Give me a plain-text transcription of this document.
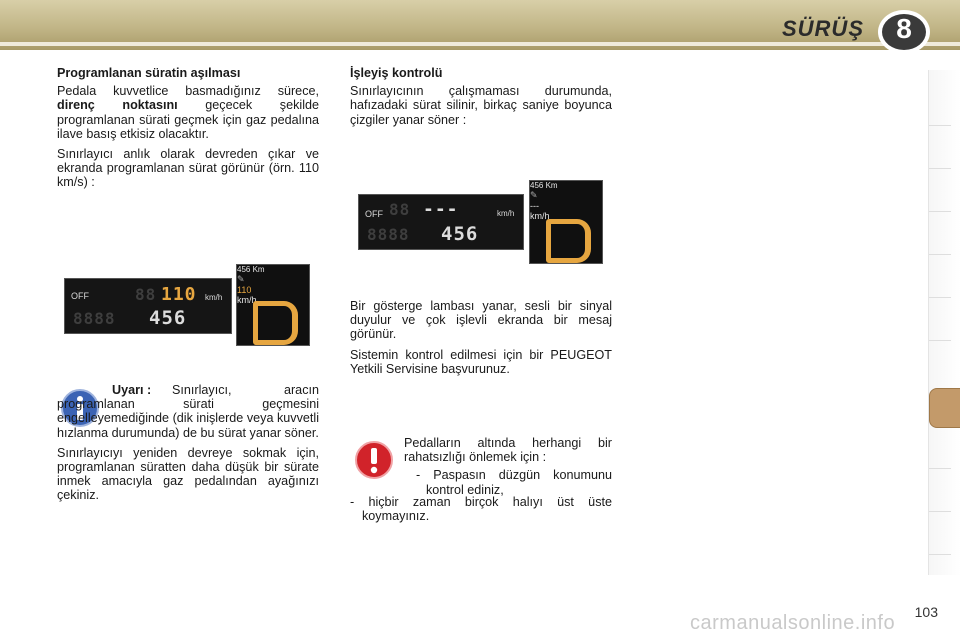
SÜRÜŞ	8
Programlanan süratin aşılması

Pedala kuvvetlice basmadığınız sürece, direnç noktasını geçecek şekilde programlanan sürati geçmek için gaz pedalına ilave basış etkisiz olacaktır.

Sınırlayıcı anlık olarak devreden çıkar ve ekranda programlanan sürat görünür (örn. 110 km/s) :

OFF	88 110 km/h
8888 456
456 Km
✎
110
km/h

Uyarı :	Sınırlayıcı, aracın programlanan sürati geçmesini engelleyemediğinde (dik inişlerde veya kuvvetli hızlanma durumunda) de bu sürat yanar söner.

Sınırlayıcıyı yeniden devreye sokmak için, programlanan süratten daha düşük bir sürate inmek amacıyla gaz pedalından ayağınızı çekiniz.

İşleyiş kontrolü

Sınırlayıcının çalışmaması durumunda, hafızadaki sürat silinir, birkaç saniye boyunca çizgiler yanar söner :

OFF 88 ---	km/h
8888 456
456 Km
✎
---
km/h

Bir gösterge lambası yanar, sesli bir sinyal duyulur ve çok işlevli ekranda bir mesaj görünür.

Sistemin kontrol edilmesi için bir PEUGEOT Yetkili Servisine başvurunuz.

Pedalların altında herhangi bir rahatsızlığı önlemek için :

- Paspasın düzgün konumunu kontrol ediniz,

- hiçbir zaman birçok halıyı üst üste koymayınız.

103
carmanualsonline.info
